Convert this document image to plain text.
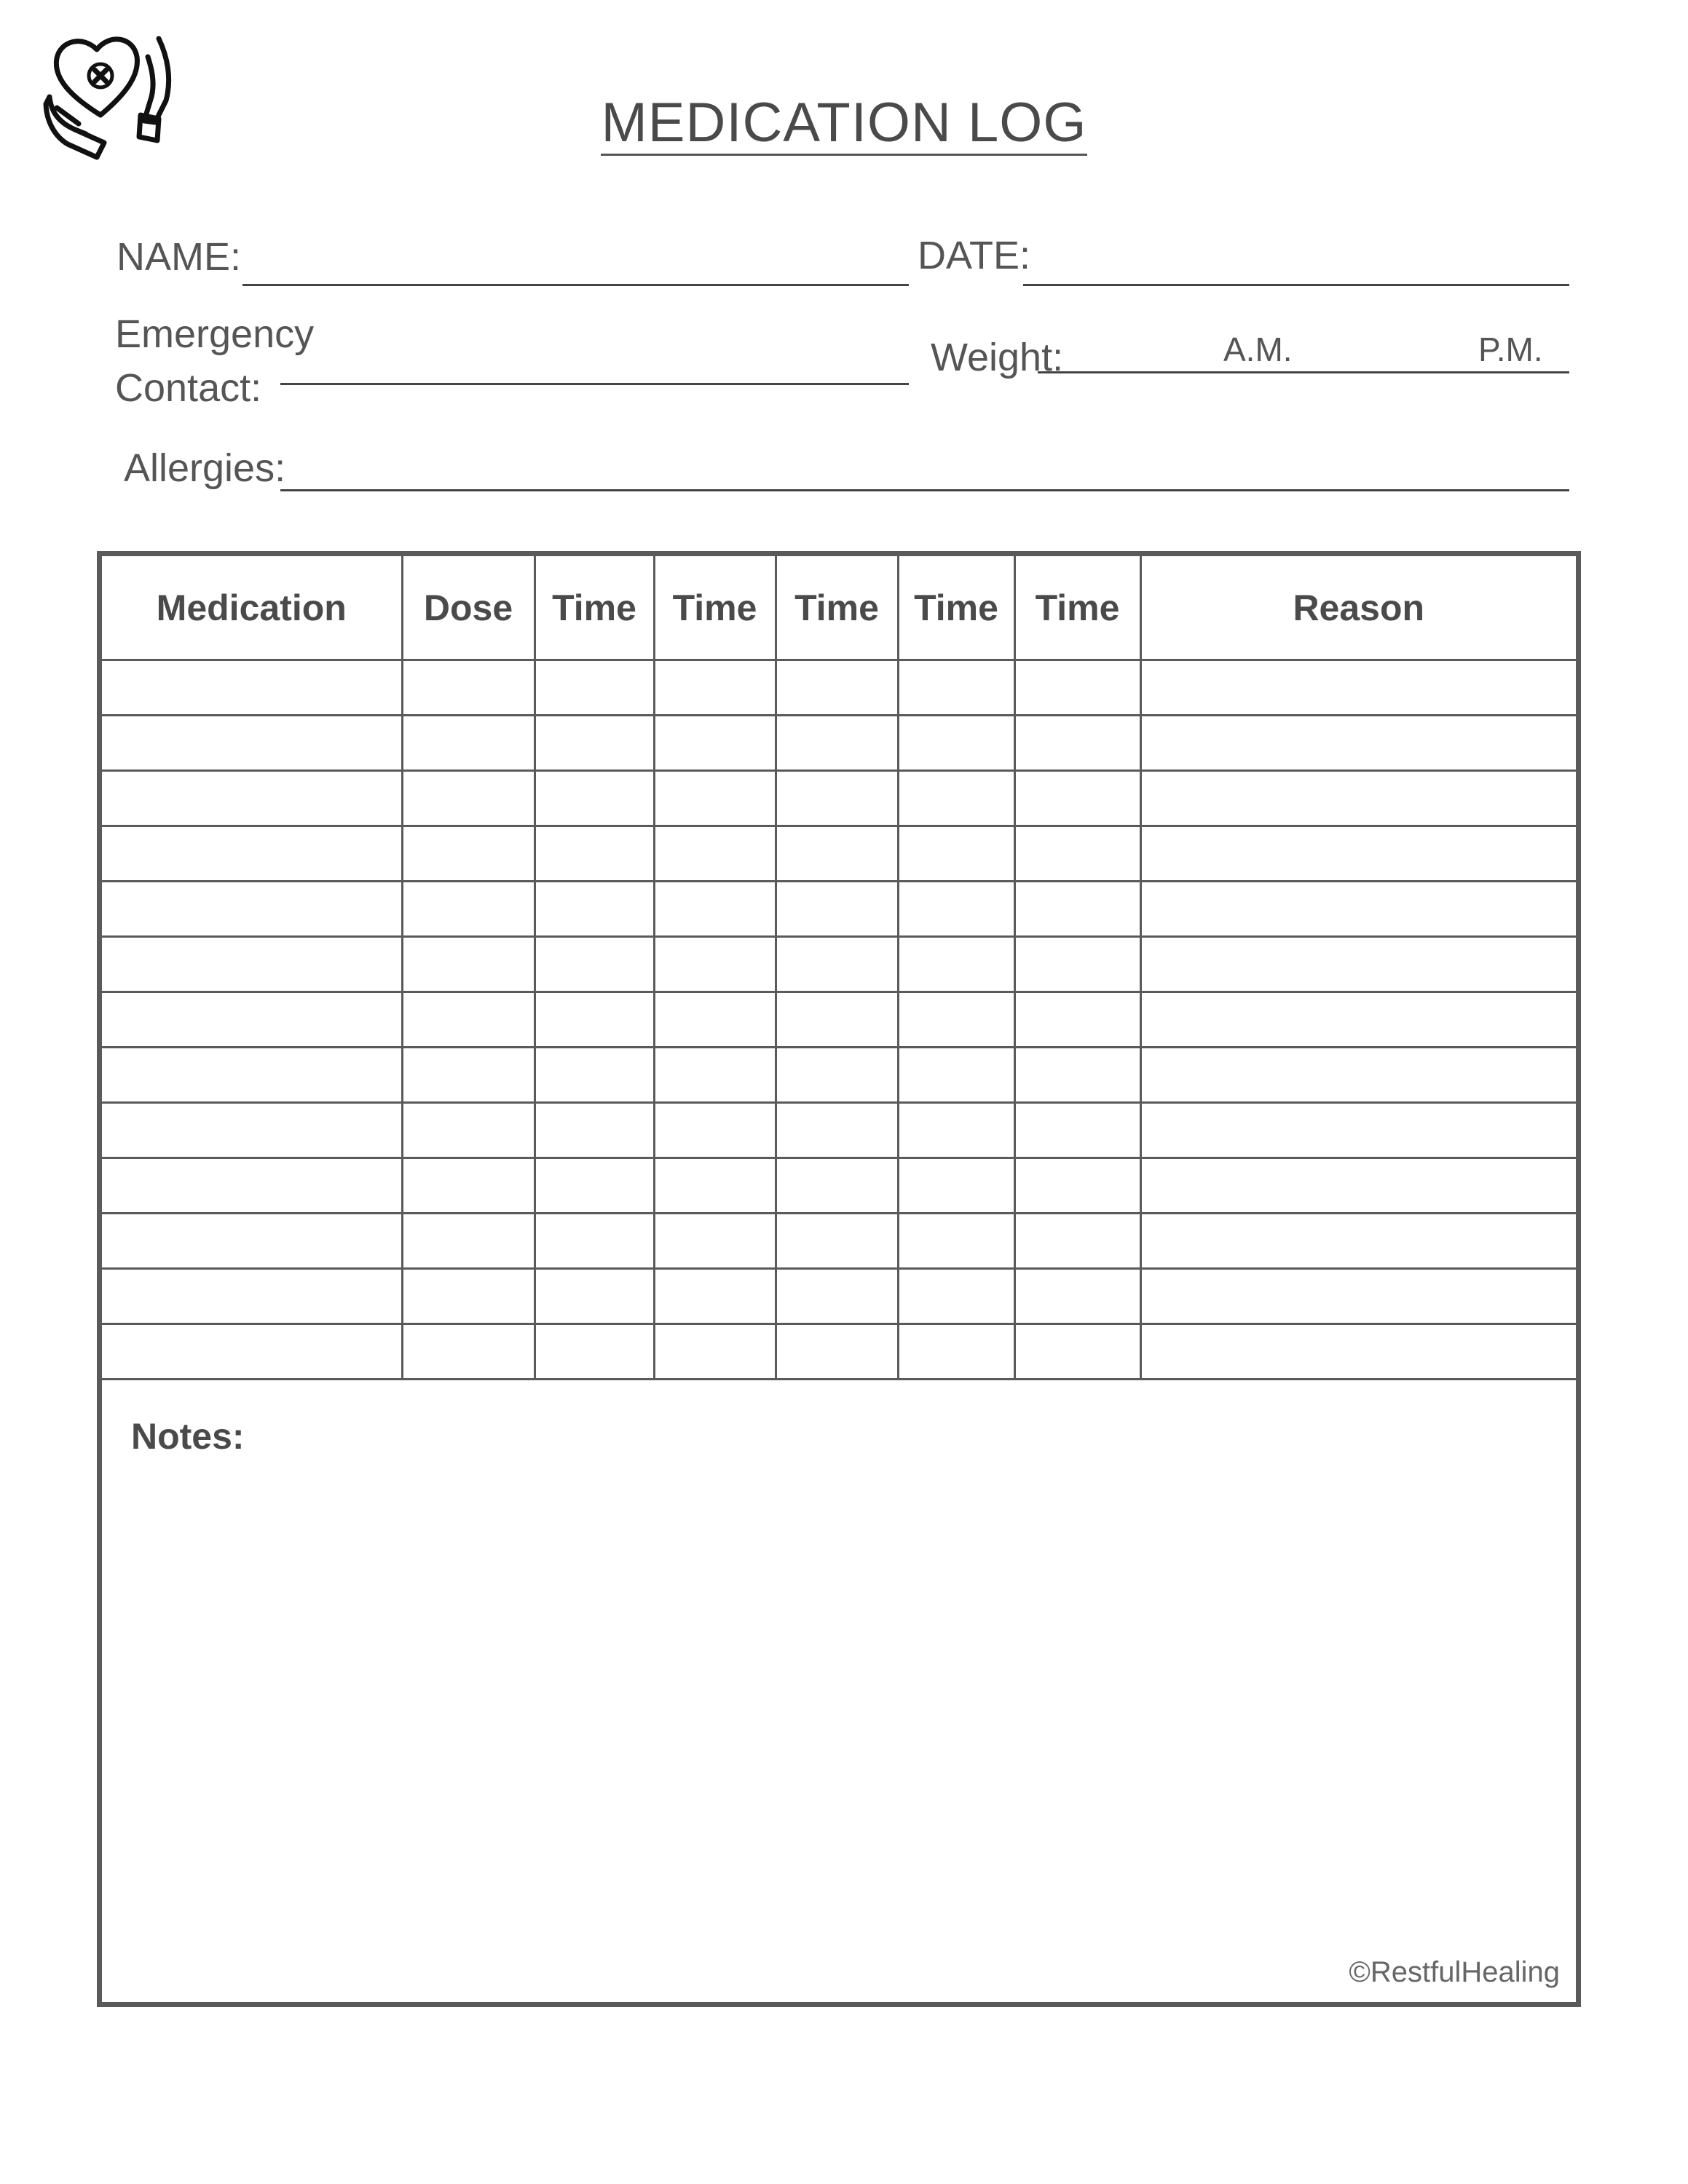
MEDICATION LOG
NAME:	DATE:
Emergency
Contact:
Weight:	A.M.	P.M.
Allergies:
Medication	Dose	Time	Time	Time	Time	Time	Reason

Notes:
©RestfulHealing
